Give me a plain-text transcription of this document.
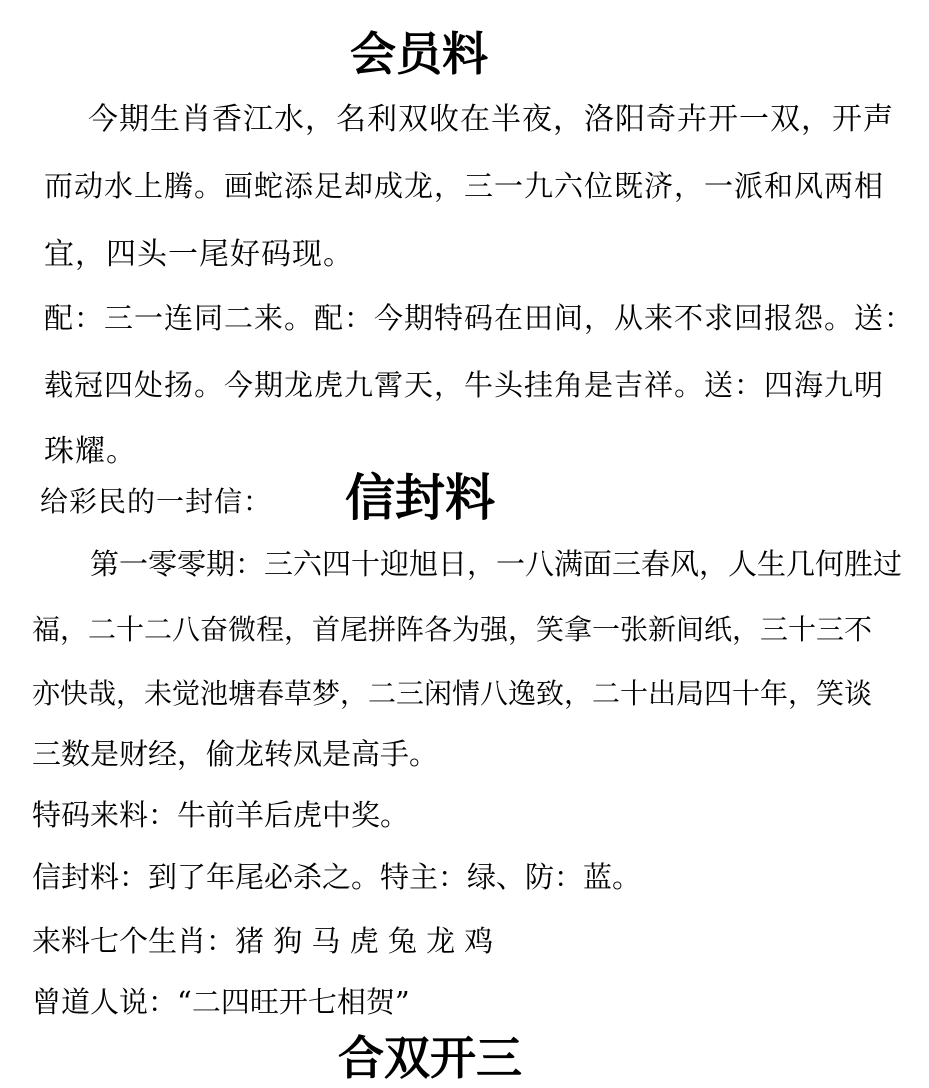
会员料
今期生肖香江水，名利双收在半夜，洛阳奇卉开一双，开声
而动水上腾。画蛇添足却成龙，三一九六位既济，一派和风两相
宜，四头一尾好码现。
配：三一连同二来。配：今期特码在田间，从来不求回报怨。送：
载冠四处扬。今期龙虎九霄天，牛头挂角是吉祥。送：四海九明
珠耀。
给彩民的一封信： 信封料
第一零零期：三六四十迎旭日，一八满面三春风，人生几何胜过
福，二十二八奋微程，首尾拼阵各为强，笑拿一张新间纸，三十三不
亦快哉，未觉池塘春草梦，二三闲情八逸致，二十出局四十年，笑谈
三数是财经，偷龙转凤是高手。
特码来料：牛前羊后虎中奖。
信封料：到了年尾必杀之。特主：绿、防：蓝。
来料七个生肖：猪 狗 马 虎 兔 龙 鸡
曾道人说：“二四旺开七相贺”
合双开三
